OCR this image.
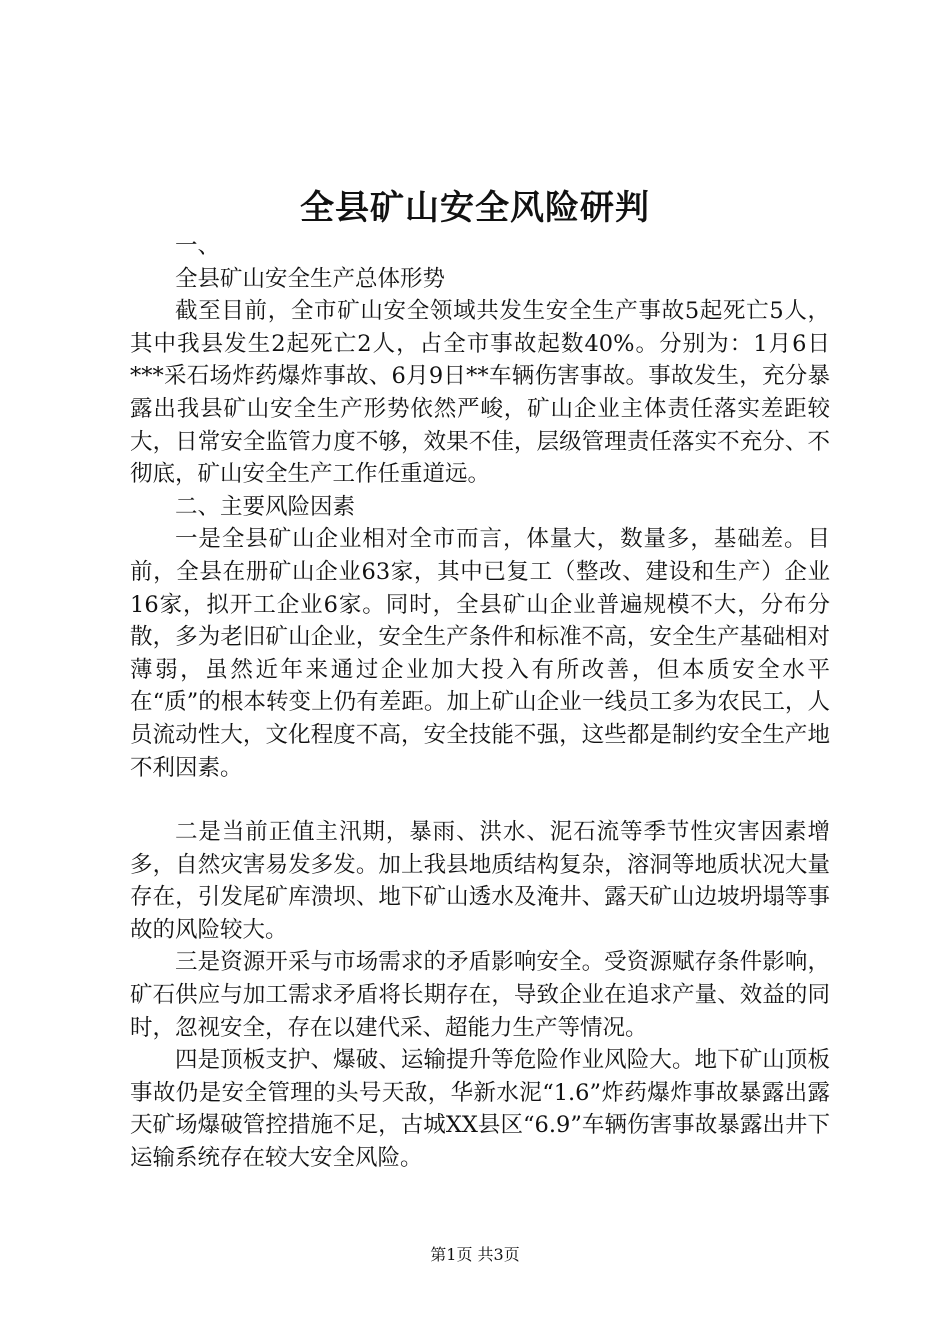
全县矿山安全风险研判

一、

全县矿山安全生产总体形势

截至目前，全市矿山安全领域共发生安全生产事故5起死亡5人，其中我县发生2起死亡2人，占全市事故起数40%。分别为：1月6日***采石场炸药爆炸事故、6月9日**车辆伤害事故。事故发生，充分暴露出我县矿山安全生产形势依然严峻，矿山企业主体责任落实差距较大，日常安全监管力度不够，效果不佳，层级管理责任落实不充分、不彻底，矿山安全生产工作任重道远。

二、主要风险因素

一是全县矿山企业相对全市而言，体量大，数量多，基础差。目前，全县在册矿山企业63家，其中已复工（整改、建设和生产）企业16家，拟开工企业6家。同时，全县矿山企业普遍规模不大，分布分散，多为老旧矿山企业，安全生产条件和标准不高，安全生产基础相对薄弱，虽然近年来通过企业加大投入有所改善，但本质安全水平在“质”的根本转变上仍有差距。加上矿山企业一线员工多为农民工，人员流动性大，文化程度不高，安全技能不强，这些都是制约安全生产地不利因素。

二是当前正值主汛期，暴雨、洪水、泥石流等季节性灾害因素增多，自然灾害易发多发。加上我县地质结构复杂，溶洞等地质状况大量存在，引发尾矿库溃坝、地下矿山透水及淹井、露天矿山边坡坍塌等事故的风险较大。

三是资源开采与市场需求的矛盾影响安全。受资源赋存条件影响，矿石供应与加工需求矛盾将长期存在，导致企业在追求产量、效益的同时，忽视安全，存在以建代采、超能力生产等情况。

四是顶板支护、爆破、运输提升等危险作业风险大。地下矿山顶板事故仍是安全管理的头号天敌，华新水泥“1.6”炸药爆炸事故暴露出露天矿场爆破管控措施不足，古城XX县区“6.9”车辆伤害事故暴露出井下运输系统存在较大安全风险。

第1页 共3页
